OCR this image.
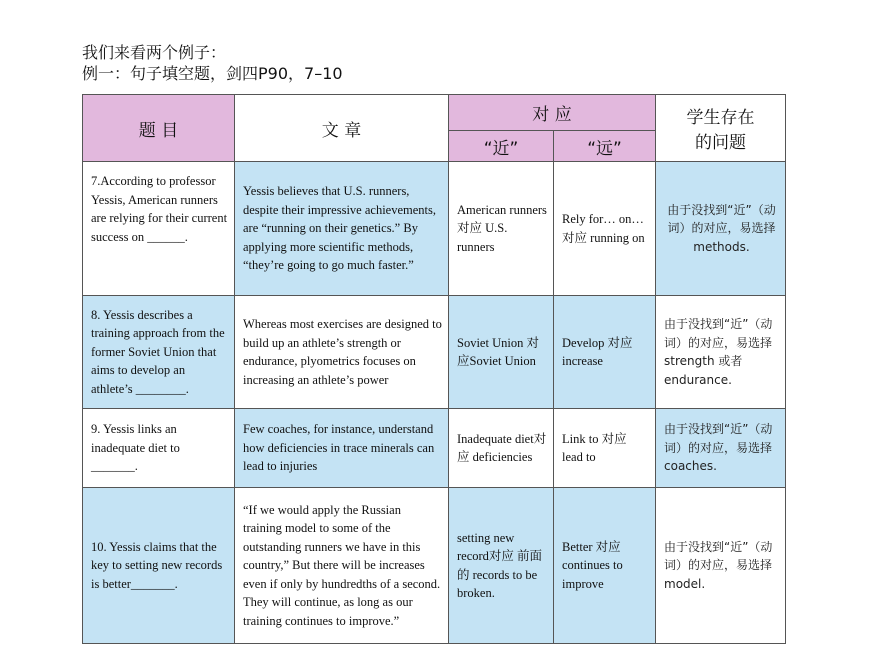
我们来看两个例子：
例一：句子填空题，剑四P90，7–10
题 目	文 章	对 应		学生存在
的问题

		“近”	“远”	
7.According to professor Yessis, American runners are relying for their current success on ______.	Yessis believes that U.S. runners, despite their impressive achievements, are “running on their genetics.” By applying more scientific methods, “they’re going to go much faster.”	American runners对应 U.S. runners	Rely for… on…对应 running on	由于没找到“近”（动词）的对应，易选择methods.
8. Yessis describes a training approach from the former Soviet Union that aims to develop an athlete’s ________.	Whereas most exercises are designed to build up an athlete’s strength or endurance, plyometrics focuses on increasing an athlete’s power	Soviet Union 对应Soviet Union	Develop 对应increase	由于没找到“近”（动词）的对应，易选择strength 或者endurance.
9. Yessis links an inadequate diet to _______.	Few coaches, for instance, understand how deficiencies in trace minerals can lead to injuries	Inadequate diet对应 deficiencies	Link to 对应 lead to	由于没找到“近”（动词）的对应，易选择coaches.
10. Yessis claims that the key to setting new records is better_______.	“If we would apply the Russian training model to some of the outstanding runners we have in this country,” But there will be increases even if only by hundredths of a second. They will continue, as long as our training continues to improve.”	setting new record对应 前面的 records to be broken.	Better 对应 continues to improve	由于没找到“近”（动词）的对应，易选择model.
